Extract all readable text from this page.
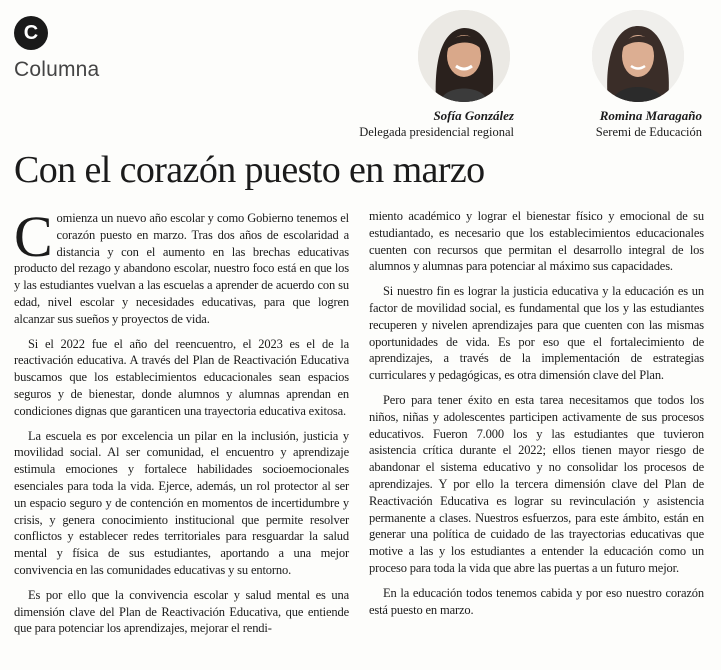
C
Columna
Sofía González
Delegada presidencial regional
Romina Maragaño
Seremi de Educación
Con el corazón puesto en marzo

Comienza un nuevo año escolar y como Gobierno tenemos el corazón puesto en marzo. Tras dos años de escolaridad a distancia y con el aumento en las brechas educativas producto del rezago y abandono escolar, nuestro foco está en que los y las estudiantes vuelvan a las escuelas a aprender de acuerdo con su edad, nivel escolar y necesidades educativas, para que logren alcanzar sus sueños y proyectos de vida.

Si el 2022 fue el año del reencuentro, el 2023 es el de la reactivación educativa. A través del Plan de Reactivación Educativa buscamos que los establecimientos educacionales sean espacios seguros y de bienestar, donde alumnos y alumnas aprendan en condiciones dignas que garanticen una trayectoria educativa exitosa.

La escuela es por excelencia un pilar en la inclusión, justicia y movilidad social. Al ser comunidad, el encuentro y aprendizaje estimula emociones y fortalece habilidades socioemocionales esenciales para toda la vida. Ejerce, además, un rol protector al ser un espacio seguro y de contención en momentos de incertidumbre y crisis, y genera conocimiento institucional que permite resolver conflictos y establecer redes territoriales para resguardar la salud mental y física de sus estudiantes, aportando a una mejor convivencia en las comunidades educativas y su entorno.

Es por ello que la convivencia escolar y salud mental es una dimensión clave del Plan de Reactivación Educativa, que entiende que para potenciar los aprendizajes, mejorar el rendi-

miento académico y lograr el bienestar físico y emocional de su estudiantado, es necesario que los establecimientos educacionales cuenten con recursos que permitan el desarrollo integral de los alumnos y alumnas para potenciar al máximo sus capacidades.

Si nuestro fin es lograr la justicia educativa y la educación es un factor de movilidad social, es fundamental que los y las estudiantes recuperen y nivelen aprendizajes para que cuenten con las mismas oportunidades de vida. Es por eso que el fortalecimiento de aprendizajes, a través de la implementación de estrategias curriculares y pedagógicas, es otra dimensión clave del Plan.

Pero para tener éxito en esta tarea necesitamos que todos los niños, niñas y adolescentes participen activamente de sus procesos educativos. Fueron 7.000 los y las estudiantes que tuvieron asistencia crítica durante el 2022; ellos tienen mayor riesgo de abandonar el sistema educativo y no consolidar los procesos de aprendizajes. Y por ello la tercera dimensión clave del Plan de Reactivación Educativa es lograr su revinculación y asistencia permanente a clases. Nuestros esfuerzos, para este ámbito, están en generar una política de cuidado de las trayectorias educativas que motive a las y los estudiantes a entender la educación como un proceso para toda la vida que abre las puertas a un futuro mejor.

En la educación todos tenemos cabida y por eso nuestro corazón está puesto en marzo.
